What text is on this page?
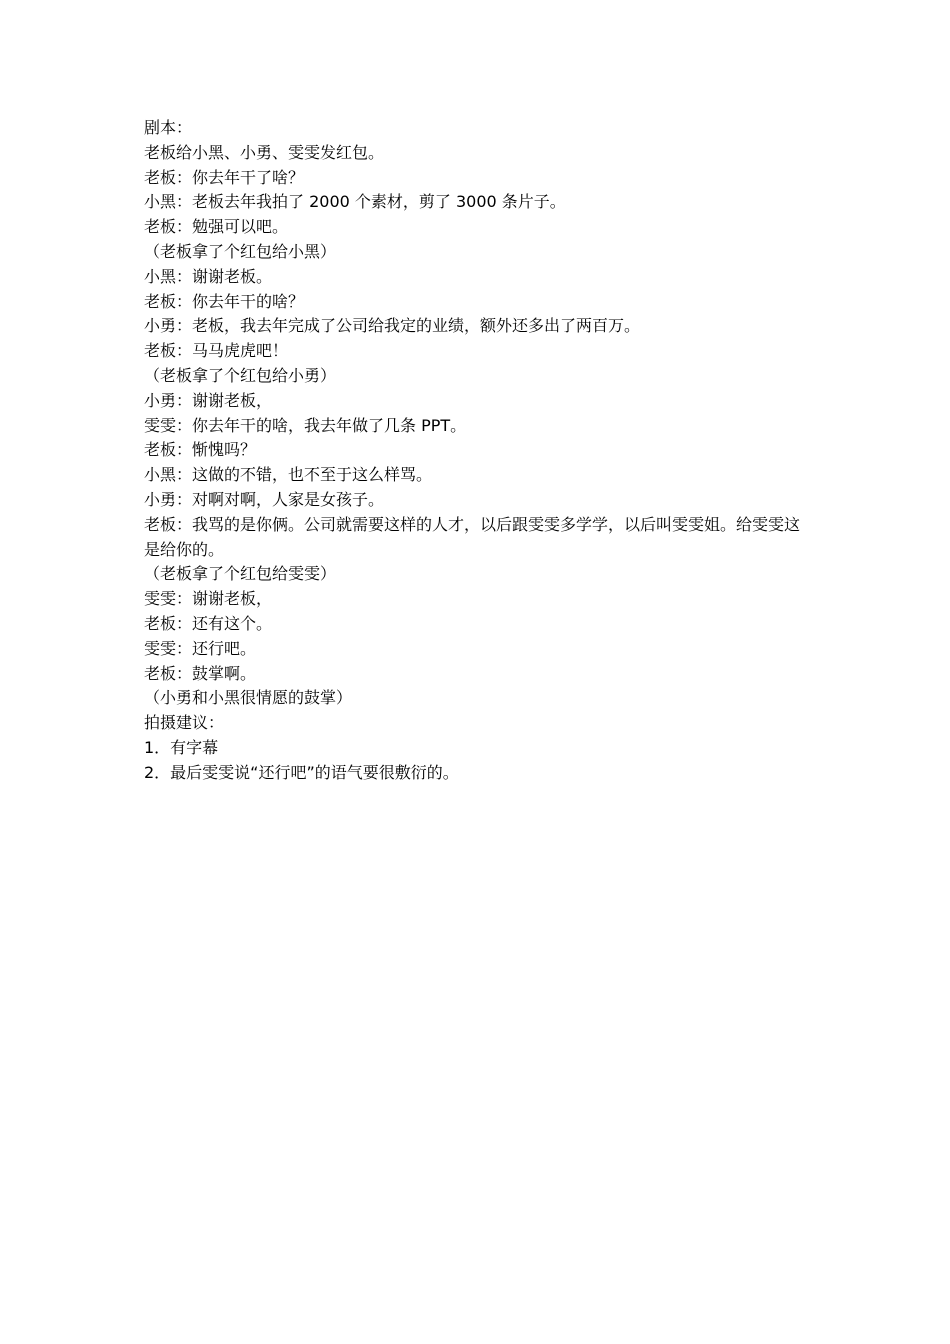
剧本：

老板给小黑、小勇、雯雯发红包。

老板：你去年干了啥？

小黑：老板去年我拍了 2000 个素材，剪了 3000 条片子。

老板：勉强可以吧。

（老板拿了个红包给小黑）

小黑：谢谢老板。

老板：你去年干的啥？

小勇：老板，我去年完成了公司给我定的业绩，额外还多出了两百万。

老板：马马虎虎吧！

（老板拿了个红包给小勇）

小勇：谢谢老板，

雯雯：你去年干的啥，我去年做了几条 PPT。

老板：惭愧吗？

小黑：这做的不错，也不至于这么样骂。

小勇：对啊对啊，人家是女孩子。

老板：我骂的是你俩。公司就需要这样的人才，以后跟雯雯多学学，以后叫雯雯姐。给雯雯这是给你的。

（老板拿了个红包给雯雯）

雯雯：谢谢老板，

老板：还有这个。

雯雯：还行吧。

老板：鼓掌啊。

（小勇和小黑很情愿的鼓掌）

拍摄建议：

1．有字幕

2．最后雯雯说“还行吧”的语气要很敷衍的。
